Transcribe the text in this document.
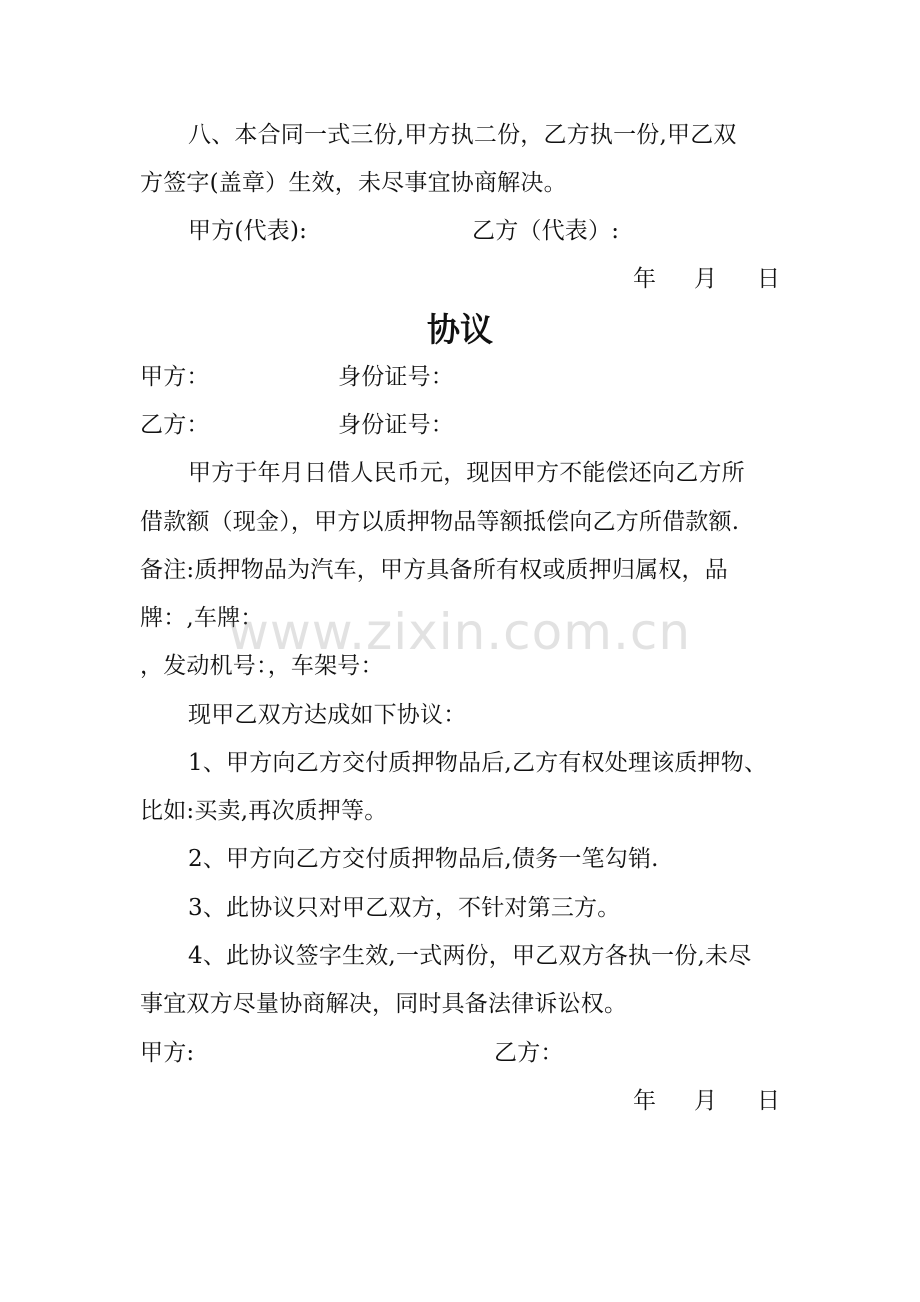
八、本合同一式三份,甲方执二份，乙方执一份,甲乙双
方签字(盖章）生效，未尽事宜协商解决。
甲方(代表):	乙方（代表）:
年 月 日
协议
甲方：	身份证号：
乙方：	身份证号：
甲方于年月日借人民币元，现因甲方不能偿还向乙方所
借款额（现金），甲方以质押物品等额抵偿向乙方所借款额.
备注:质押物品为汽车，甲方具备所有权或质押归属权，品
牌：,车牌：
，发动机号：，车架号：
现甲乙双方达成如下协议：
1、甲方向乙方交付质押物品后,乙方有权处理该质押物、
比如:买卖,再次质押等。
2、甲方向乙方交付质押物品后,债务一笔勾销.
3、此协议只对甲乙双方，不针对第三方。
4、此协议签字生效,一式两份，甲乙双方各执一份,未尽
事宜双方尽量协商解决，同时具备法律诉讼权。
甲方:	乙方：
年 月 日
www.zixin.com.cn
